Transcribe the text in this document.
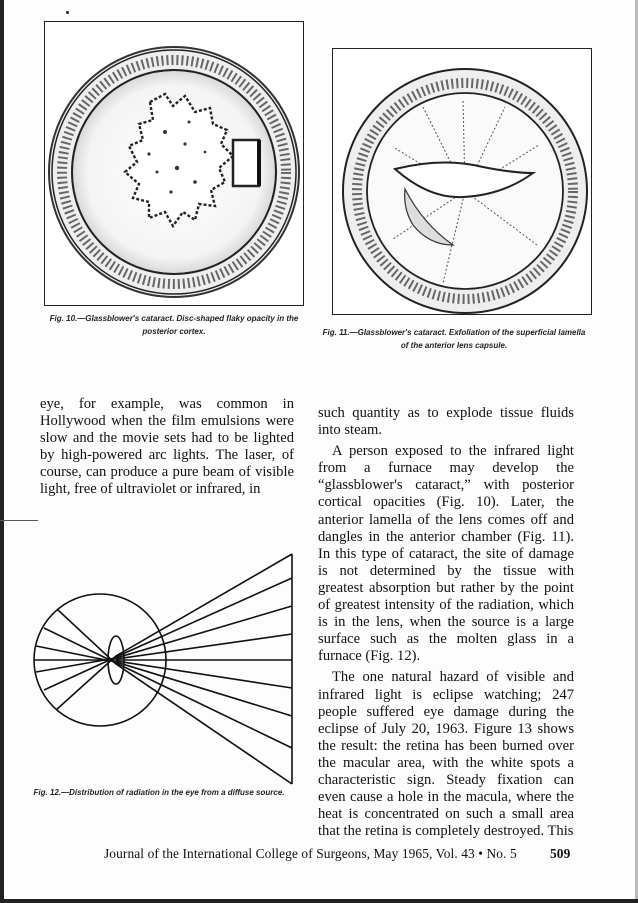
Fig. 10.—Glassblower's cataract. Disc-shaped flaky opacity in the posterior cortex.	Fig. 11.—Glassblower's cataract. Exfoliation of the superficial lamella of the anterior lens capsule.
eye, for example, was common in Hollywood when the film emulsions were slow and the movie sets had to be lighted by high-powered arc lights. The laser, of course, can produce a pure beam of visible light, free of ultraviolet or infrared, in

such quantity as to explode tissue fluids into steam.

A person exposed to the infrared light from a furnace may develop the “glassblower's cataract,” with posterior cortical opacities (Fig. 10). Later, the anterior lamella of the lens comes off and dangles in the anterior chamber (Fig. 11). In this type of cataract, the site of damage is not determined by the tissue with greatest absorption but rather by the point of greatest intensity of the radiation, which is in the lens, when the source is a large surface such as the molten glass in a furnace (Fig. 12).

The one natural hazard of visible and infrared light is eclipse watching; 247 people suffered eye damage during the eclipse of July 20, 1963. Figure 13 shows the result: the retina has been burned over the macular area, with the white spots a characteristic sign. Steady fixation can even cause a hole in the macula, where the heat is concentrated on such a small area that the retina is completely destroyed. This

Fig. 12.—Distribution of radiation in the eye from a diffuse source.
Journal of the International College of Surgeons, May 1965, Vol. 43 • No. 5 509
